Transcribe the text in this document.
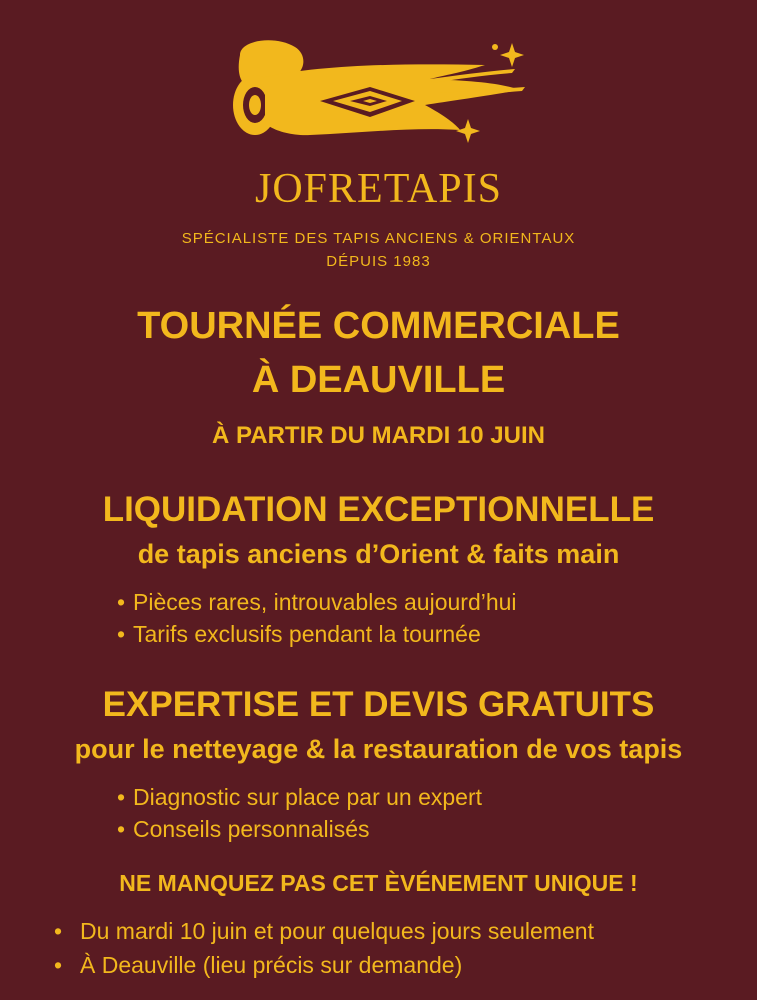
JOFRETAPIS
SPÉCIALISTE DES TAPIS ANCIENS & ORIENTAUX
DÉPUIS 1983
TOURNÉE COMMERCIALE
À DEAUVILLE
À PARTIR DU MARDI 10 JUIN
LIQUIDATION EXCEPTIONNELLE
de tapis anciens d’Orient & faits main
• Pièces rares, introuvables aujourd’hui
• Tarifs exclusifs pendant la tournée
EXPERTISE ET DEVIS GRATUITS
pour le netteyage & la restauration de vos tapis
• Diagnostic sur place par un expert
• Conseils personnalisés
NE MANQUEZ PAS CET ÈVÉNEMENT UNIQUE !
• Du mardi 10 juin et pour quelques jours seulement
• À Deauville (lieu précis sur demande)
